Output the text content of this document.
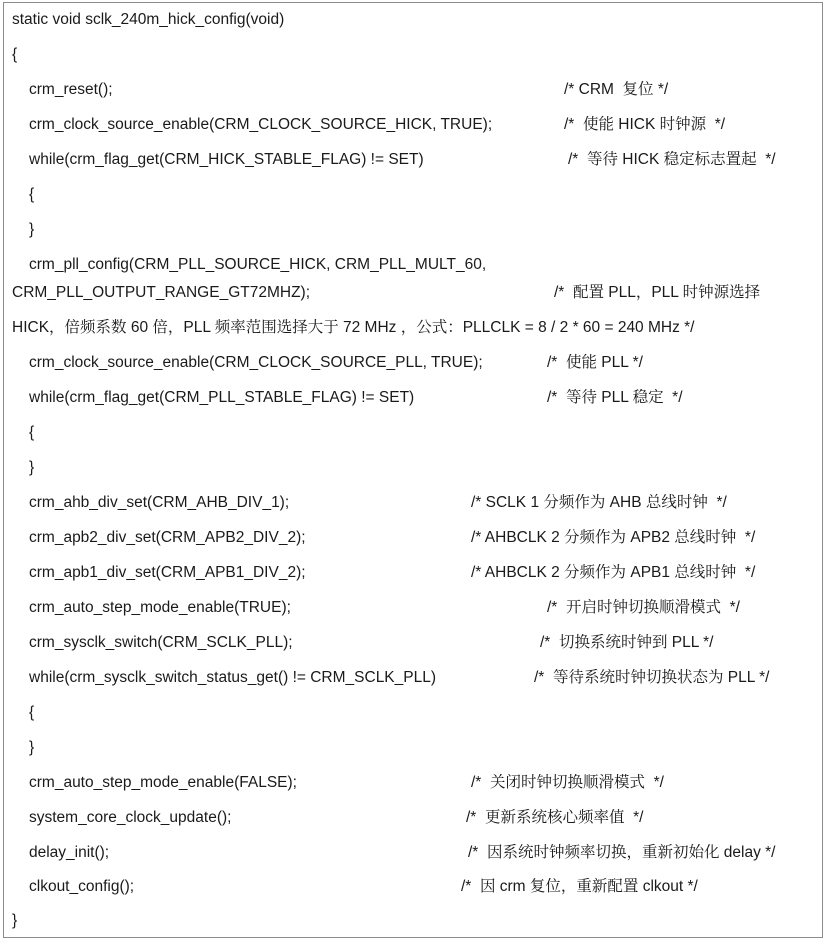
static void sclk_240m_hick_config(void)
{
crm_reset();	/* CRM  复位 */
crm_clock_source_enable(CRM_CLOCK_SOURCE_HICK, TRUE);	/*  使能 HICK 时钟源  */
while(crm_flag_get(CRM_HICK_STABLE_FLAG) != SET)	/*  等待 HICK 稳定标志置起  */
{
}
crm_pll_config(CRM_PLL_SOURCE_HICK, CRM_PLL_MULT_60,
CRM_PLL_OUTPUT_RANGE_GT72MHZ);	/*  配置 PLL，PLL 时钟源选择
HICK，倍频系数 60 倍，PLL 频率范围选择大于 72 MHz ，公式：PLLCLK = 8 / 2 * 60 = 240 MHz */
crm_clock_source_enable(CRM_CLOCK_SOURCE_PLL, TRUE);	/*  使能 PLL */
while(crm_flag_get(CRM_PLL_STABLE_FLAG) != SET)	/*  等待 PLL 稳定  */
{
}
crm_ahb_div_set(CRM_AHB_DIV_1);	/* SCLK 1 分频作为 AHB 总线时钟  */
crm_apb2_div_set(CRM_APB2_DIV_2);	/* AHBCLK 2 分频作为 APB2 总线时钟  */
crm_apb1_div_set(CRM_APB1_DIV_2);	/* AHBCLK 2 分频作为 APB1 总线时钟  */
crm_auto_step_mode_enable(TRUE);	/*  开启时钟切换顺滑模式  */
crm_sysclk_switch(CRM_SCLK_PLL);	/*  切换系统时钟到 PLL */
while(crm_sysclk_switch_status_get() != CRM_SCLK_PLL)	/*  等待系统时钟切换状态为 PLL */
{
}
crm_auto_step_mode_enable(FALSE);	/*  关闭时钟切换顺滑模式  */
system_core_clock_update();	/*  更新系统核心频率值  */
delay_init();	/*  因系统时钟频率切换，重新初始化 delay */
clkout_config();	/*  因 crm 复位，重新配置 clkout */
}
